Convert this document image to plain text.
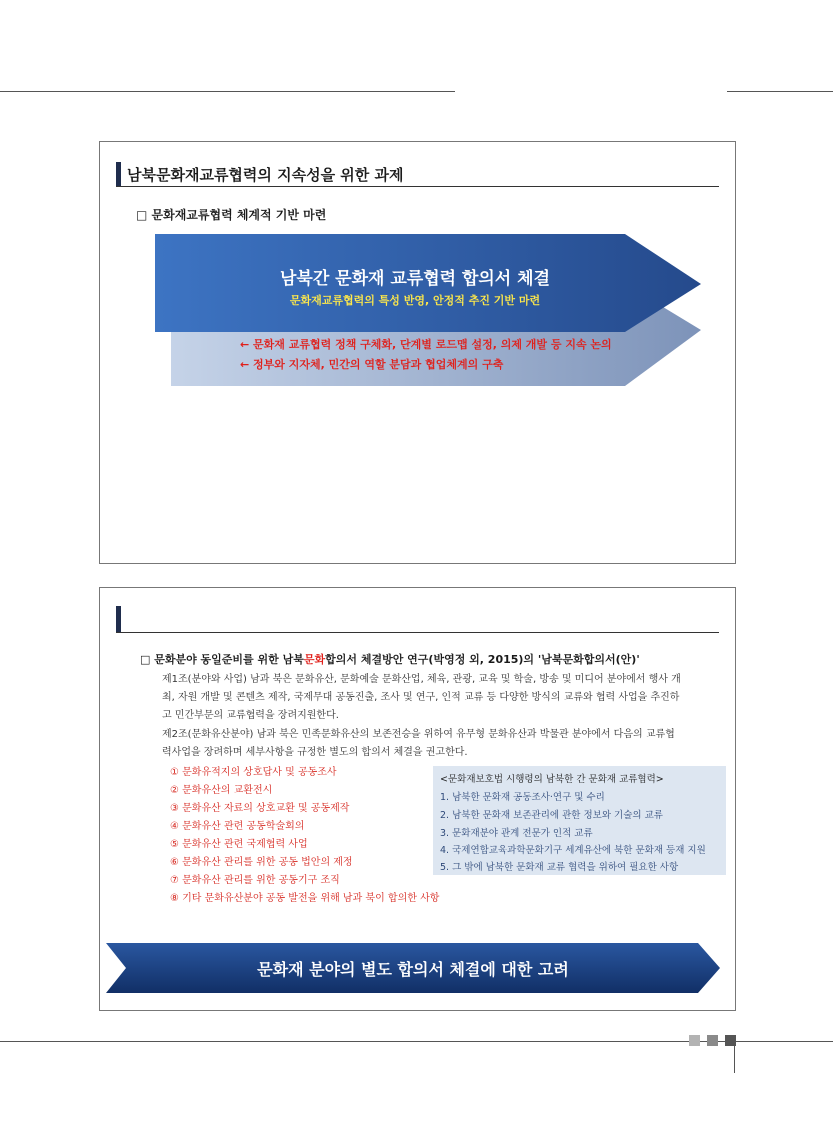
남북문화재교류협력의 지속성을 위한 과제
□ 문화재교류협력 체계적 기반 마련
남북간 문화재 교류협력 합의서 체결
문화재교류협력의 특성 반영, 안정적 추진 기반 마련
← 문화재 교류협력 정책 구체화, 단계별 로드맵 설정, 의제 개발 등 지속 논의
← 정부와 지자체, 민간의 역할 분담과 협업체계의 구축
□ 문화분야 동일준비를 위한 남북문화합의서 체결방안 연구(박영정 외, 2015)의 '남북문화합의서(안)'
제1조(분야와 사업) 남과 북은 문화유산, 문화예술 문화산업, 체육, 관광, 교육 및 학술, 방송 및 미디어 분야에서 행사 개
최, 자원 개발 및 콘텐츠 제작, 국제무대 공동진출, 조사 및 연구, 인적 교류 등 다양한 방식의 교류와 협력 사업을 추진하
고 민간부문의 교류협력을 장려지원한다.
제2조(문화유산분야) 남과 북은 민족문화유산의 보존전승을 위하여 유무형 문화유산과 박물관 분야에서 다음의 교류협
력사업을 장려하며 세부사항을 규정한 별도의 합의서 체결을 권고한다.
① 문화유적지의 상호답사 및 공동조사
② 문화유산의 교환전시
③ 문화유산 자료의 상호교환 및 공동제작
④ 문화유산 관련 공동학술회의
⑤ 문화유산 관련 국제협력 사업
⑥ 문화유산 관리를 위한 공동 법안의 제정
⑦ 문화유산 관리를 위한 공동기구 조직
⑧ 기타 문화유산분야 공동 발전을 위해 남과 북이 합의한 사항
<문화재보호법 시행령의 남북한 간 문화재 교류협력>
1. 남북한 문화재 공동조사·연구 및 수리
2. 남북한 문화재 보존관리에 관한 정보와 기술의 교류
3. 문화재분야 관계 전문가 인적 교류
4. 국제연합교육과학문화기구 세계유산에 북한 문화재 등재 지원
5. 그 밖에 남북한 문화재 교류 협력을 위하여 필요한 사항
문화재 분야의 별도 합의서 체결에 대한 고려
